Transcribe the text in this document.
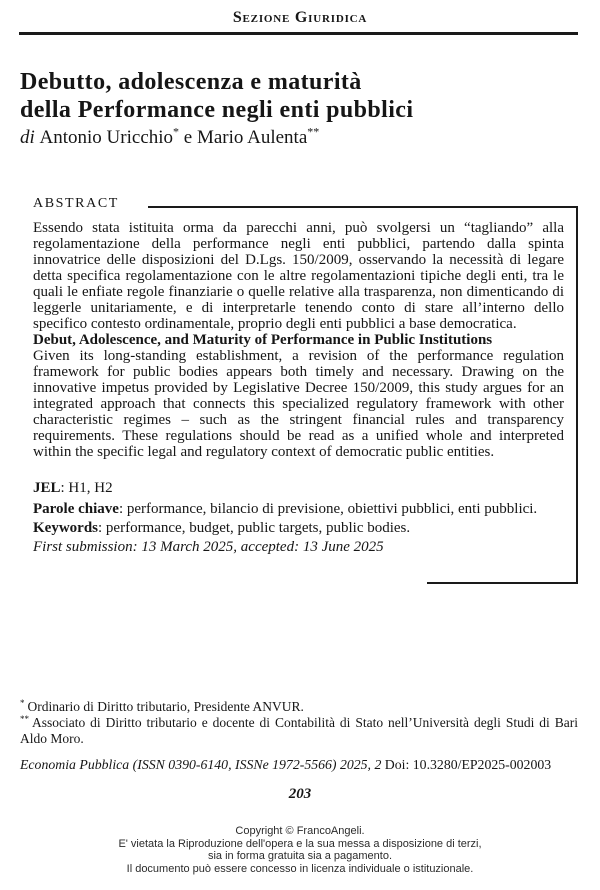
Sezione Giuridica
Debutto, adolescenza e maturità
della Performance negli enti pubblici
di Antonio Uricchio* e Mario Aulenta**
ABSTRACT

Essendo stata istituita orma da parecchi anni, può svolgersi un “tagliando” alla regolamentazione della performance negli enti pubblici, partendo dalla spinta innovatrice delle disposizioni del D.Lgs. 150/2009, osservando la necessità di legare detta specifica regolamentazione con le altre regolamentazioni tipiche degli enti, tra le quali le enfiate regole finanziarie o quelle relative alla trasparenza, non dimenticando di leggerle unitariamente, e di interpretarle tenendo conto di stare all’interno dello specifico contesto ordinamentale, proprio degli enti pubblici a base democratica.

Debut, Adolescence, and Maturity of Performance in Public Institutions

Given its long-standing establishment, a revision of the performance regulation framework for public bodies appears both timely and necessary. Drawing on the innovative impetus provided by Legislative Decree 150/2009, this study argues for an integrated approach that connects this specialized regulatory framework with other characteristic regimes – such as the stringent financial rules and transparency requirements. These regulations should be read as a unified whole and interpreted within the specific legal and regulatory context of democratic public entities.

JEL: H1, H2

Parole chiave: performance, bilancio di previsione, obiettivi pubblici, enti pubblici.

Keywords: performance, budget, public targets, public bodies.

First submission: 13 March 2025, accepted: 13 June 2025

* Ordinario di Diritto tributario, Presidente ANVUR.

** Associato di Diritto tributario e docente di Contabilità di Stato nell’Università degli Studi di Bari Aldo Moro.

Economia Pubblica (ISSN 0390-6140, ISSNe 1972-5566) 2025, 2 Doi: 10.3280/EP2025-002003
203
Copyright © FrancoAngeli.
E' vietata la Riproduzione dell'opera e la sua messa a disposizione di terzi,
sia in forma gratuita sia a pagamento.
Il documento può essere concesso in licenza individuale o istituzionale.
